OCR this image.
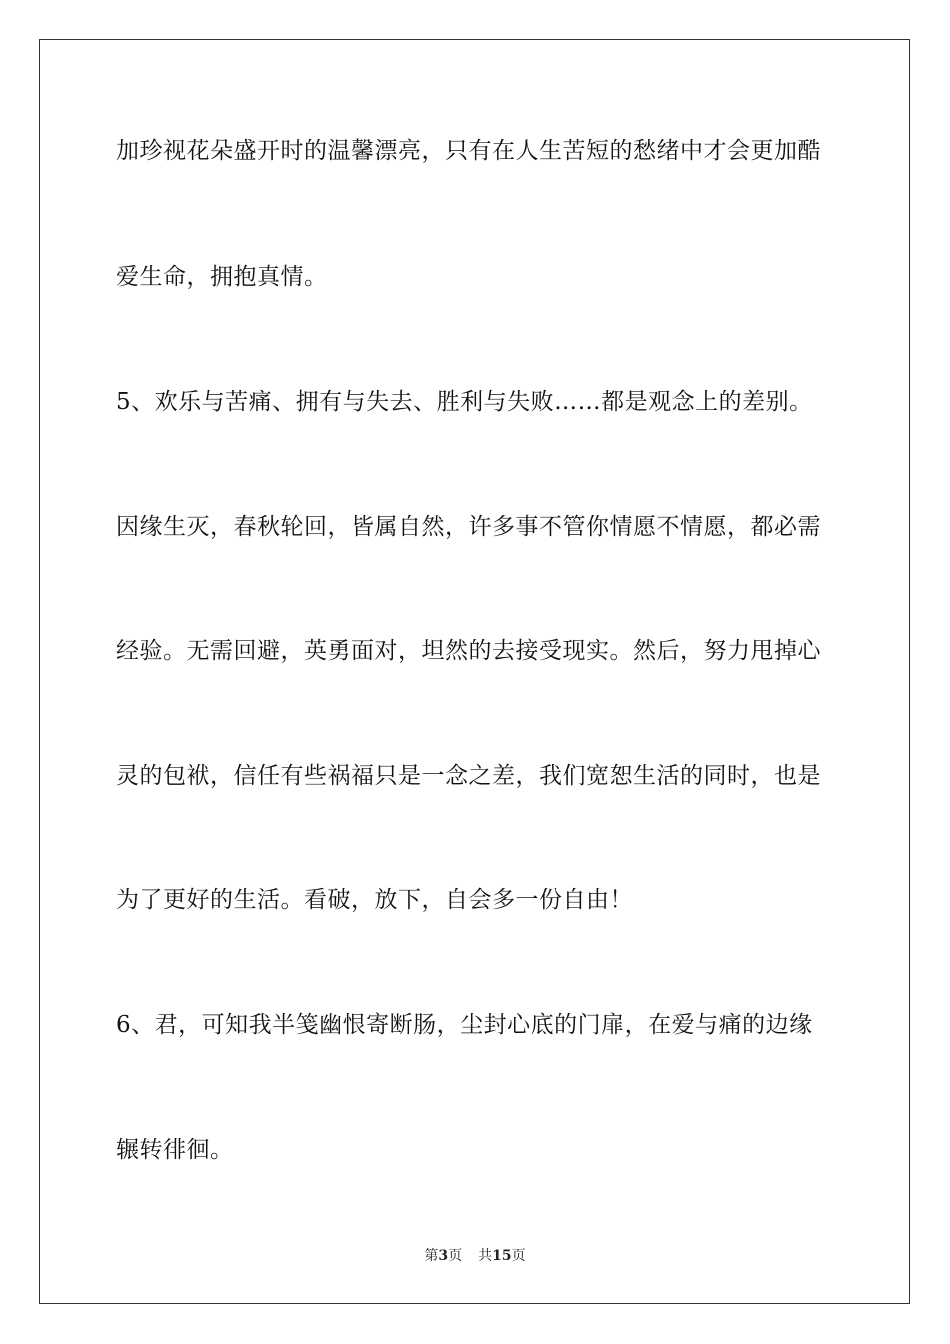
加珍视花朵盛开时的温馨漂亮，只有在人生苦短的愁绪中才会更加酷
爱生命，拥抱真情。
5、欢乐与苦痛、拥有与失去、胜利与失败……都是观念上的差别。
因缘生灭，春秋轮回，皆属自然，许多事不管你情愿不情愿，都必需
经验。无需回避，英勇面对，坦然的去接受现实。然后，努力甩掉心
灵的包袱，信任有些祸福只是一念之差，我们宽恕生活的同时，也是
为了更好的生活。看破，放下，自会多一份自由！
6、君，可知我半笺幽恨寄断肠，尘封心底的门扉，在爱与痛的边缘
辗转徘徊。
第3页 共15页
